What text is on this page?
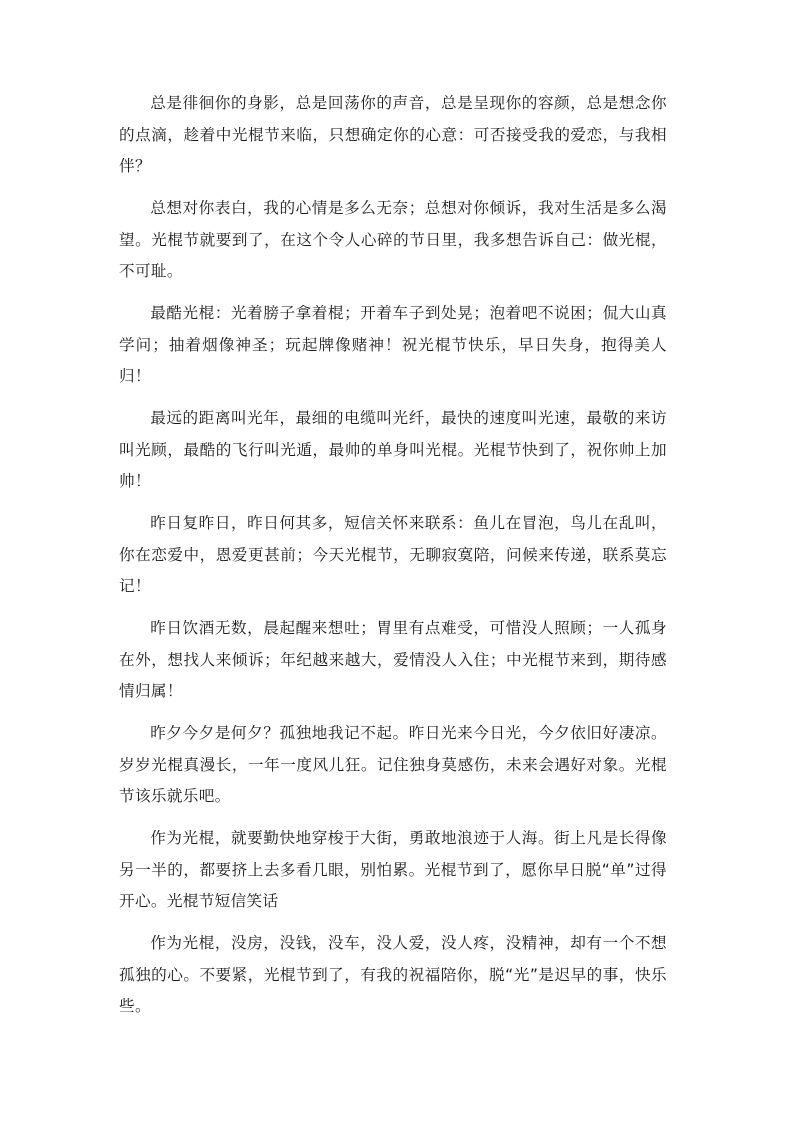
总是徘徊你的身影，总是回荡你的声音，总是呈现你的容颜，总是想念你的点滴，趁着中光棍节来临，只想确定你的心意：可否接受我的爱恋，与我相伴？

总想对你表白，我的心情是多么无奈；总想对你倾诉，我对生活是多么渴望。光棍节就要到了，在这个令人心碎的节日里，我多想告诉自己：做光棍，不可耻。

最酷光棍：光着膀子拿着棍；开着车子到处晃；泡着吧不说困；侃大山真学问；抽着烟像神圣；玩起牌像赌神！祝光棍节快乐，早日失身，抱得美人归！

最远的距离叫光年，最细的电缆叫光纤，最快的速度叫光速，最敬的来访叫光顾，最酷的飞行叫光遁，最帅的单身叫光棍。光棍节快到了，祝你帅上加帅！

昨日复昨日，昨日何其多，短信关怀来联系：鱼儿在冒泡，鸟儿在乱叫，你在恋爱中，恩爱更甚前；今天光棍节，无聊寂寞陪，问候来传递，联系莫忘记！

昨日饮酒无数，晨起醒来想吐；胃里有点难受，可惜没人照顾；一人孤身在外，想找人来倾诉；年纪越来越大，爱情没人入住；中光棍节来到，期待感情归属！

昨夕今夕是何夕？孤独地我记不起。昨日光来今日光，今夕依旧好凄凉。岁岁光棍真漫长，一年一度风儿狂。记住独身莫感伤，未来会遇好对象。光棍节该乐就乐吧。

作为光棍，就要勤快地穿梭于大街，勇敢地浪迹于人海。街上凡是长得像另一半的，都要挤上去多看几眼，别怕累。光棍节到了，愿你早日脱“单”过得开心。光棍节短信笑话

作为光棍，没房，没钱，没车，没人爱，没人疼，没精神，却有一个不想孤独的心。不要紧，光棍节到了，有我的祝福陪你，脱“光”是迟早的事，快乐些。
